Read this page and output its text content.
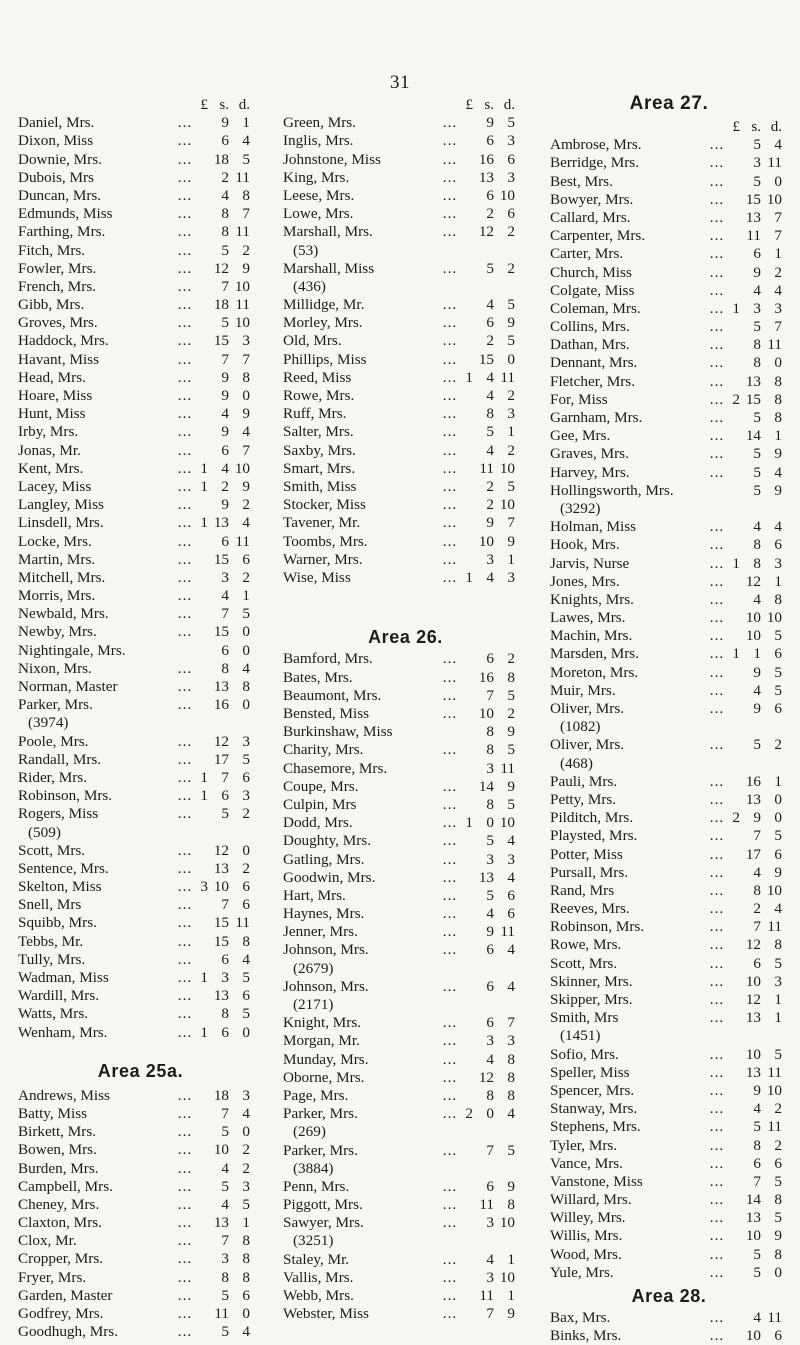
31
£ s. d.
Daniel, Mrs.	...	9 1
Dixon, Miss	...	6 4
Downie, Mrs.	...	18 5
Dubois, Mrs	...	2 11
Duncan, Mrs.	...	4 8
Edmunds, Miss	...	8 7
Farthing, Mrs.	...	8 11
Fitch, Mrs.	...	5 2
Fowler, Mrs.	...	12 9
French, Mrs.	...	7 10
Gibb, Mrs.	...	18 11
Groves, Mrs.	...	5 10
Haddock, Mrs.	...	15 3
Havant, Miss	...	7 7
Head, Mrs.	...	9 8
Hoare, Miss	...	9 0
Hunt, Miss	...	4 9
Irby, Mrs.	...	9 4
Jonas, Mr.	...	6 7
Kent, Mrs.	... 1 4 10
Lacey, Miss	... 1 2 9
Langley, Miss	...	9 2
Linsdell, Mrs.	... 1 13 4
Locke, Mrs.	...	6 11
Martin, Mrs.	...	15 6
Mitchell, Mrs.	...	3 2
Morris, Mrs.	...	4 1
Newbald, Mrs.	...	7 5
Newby, Mrs.	...	15 0
Nightingale, Mrs.	6 0
Nixon, Mrs.	...	8 4
Norman, Master	...	13 8
Parker, Mrs.	...	16 0
(3974)
Poole, Mrs.	...	12 3
Randall, Mrs.	...	17 5
Rider, Mrs.	... 1 7 6
Robinson, Mrs.	... 1 6 3
Rogers, Miss	...	5 2
(509)
Scott, Mrs.	...	12 0
Sentence, Mrs.	...	13 2
Skelton, Miss	... 3 10 6
Snell, Mrs	...	7 6
Squibb, Mrs.	...	15 11
Tebbs, Mr.	...	15 8
Tully, Mrs.	...	6 4
Wadman, Miss	... 1 3 5
Wardill, Mrs.	...	13 6
Watts, Mrs.	...	8 5
Wenham, Mrs.	... 1 6 0
Area 25a.
Andrews, Miss	...	18 3
Batty, Miss	...	7 4
Birkett, Mrs.	...	5 0
Bowen, Mrs.	...	10 2
Burden, Mrs.	...	4 2
Campbell, Mrs.	...	5 3
Cheney, Mrs.	...	4 5
Claxton, Mrs.	...	13 1
Clox, Mr.	...	7 8
Cropper, Mrs.	...	3 8
Fryer, Mrs.	...	8 8
Garden, Master	...	5 6
Godfrey, Mrs.	...	11 0
Goodhugh, Mrs.	...	5 4
£ s. d.
Green, Mrs.	...	9 5
Inglis, Mrs.	...	6 3
Johnstone, Miss	...	16 6
King, Mrs.	...	13 3
Leese, Mrs.	...	6 10
Lowe, Mrs.	...	2 6
Marshall, Mrs.	...	12 2
(53)
Marshall, Miss	...	5 2
(436)
Millidge, Mr.	...	4 5
Morley, Mrs.	...	6 9
Old, Mrs.	...	2 5
Phillips, Miss	...	15 0
Reed, Miss	... 1 4 11
Rowe, Mrs.	...	4 2
Ruff, Mrs.	...	8 3
Salter, Mrs.	...	5 1
Saxby, Mrs.	...	4 2
Smart, Mrs.	...	11 10
Smith, Miss	...	2 5
Stocker, Miss	...	2 10
Tavener, Mr.	...	9 7
Toombs, Mrs.	...	10 9
Warner, Mrs.	...	3 1
Wise, Miss	... 1 4 3
Area 26.
Bamford, Mrs.	...	6 2
Bates, Mrs.	...	16 8
Beaumont, Mrs.	...	7 5
Bensted, Miss	...	10 2
Burkinshaw, Miss	8 9
Charity, Mrs.	...	8 5
Chasemore, Mrs.	3 11
Coupe, Mrs.	...	14 9
Culpin, Mrs	...	8 5
Dodd, Mrs.	... 1 0 10
Doughty, Mrs.	...	5 4
Gatling, Mrs.	...	3 3
Goodwin, Mrs.	...	13 4
Hart, Mrs.	...	5 6
Haynes, Mrs.	...	4 6
Jenner, Mrs.	...	9 11
Johnson, Mrs.	...	6 4
(2679)
Johnson, Mrs.	...	6 4
(2171)
Knight, Mrs.	...	6 7
Morgan, Mr.	...	3 3
Munday, Mrs.	...	4 8
Oborne, Mrs.	...	12 8
Page, Mrs.	...	8 8
Parker, Mrs.	... 2 0 4
(269)
Parker, Mrs.	...	7 5
(3884)
Penn, Mrs.	...	6 9
Piggott, Mrs.	...	11 8
Sawyer, Mrs.	...	3 10
(3251)
Staley, Mr.	...	4 1
Vallis, Mrs.	...	3 10
Webb, Mrs.	...	11 1
Webster, Miss	...	7 9
Area 27.
£ s. d.
Ambrose, Mrs.	...	5 4
Berridge, Mrs.	...	3 11
Best, Mrs.	...	5 0
Bowyer, Mrs.	...	15 10
Callard, Mrs.	...	13 7
Carpenter, Mrs.	...	11 7
Carter, Mrs.	...	6 1
Church, Miss	...	9 2
Colgate, Miss	...	4 4
Coleman, Mrs.	... 1 3 3
Collins, Mrs.	...	5 7
Dathan, Mrs.	...	8 11
Dennant, Mrs.	...	8 0
Fletcher, Mrs.	...	13 8
For, Miss	... 2 15 8
Garnham, Mrs.	...	5 8
Gee, Mrs.	...	14 1
Graves, Mrs.	...	5 9
Harvey, Mrs.	...	5 4
Hollingsworth, Mrs.	5 9
(3292)
Holman, Miss	...	4 4
Hook, Mrs.	...	8 6
Jarvis, Nurse	... 1 8 3
Jones, Mrs.	...	12 1
Knights, Mrs.	...	4 8
Lawes, Mrs.	...	10 10
Machin, Mrs.	...	10 5
Marsden, Mrs.	... 1 1 6
Moreton, Mrs.	...	9 5
Muir, Mrs.	...	4 5
Oliver, Mrs.	...	9 6
(1082)
Oliver, Mrs.	...	5 2
(468)
Pauli, Mrs.	...	16 1
Petty, Mrs.	...	13 0
Pilditch, Mrs.	... 2 9 0
Playsted, Mrs.	...	7 5
Potter, Miss	...	17 6
Pursall, Mrs.	...	4 9
Rand, Mrs	...	8 10
Reeves, Mrs.	...	2 4
Robinson, Mrs.	...	7 11
Rowe, Mrs.	...	12 8
Scott, Mrs.	...	6 5
Skinner, Mrs.	...	10 3
Skipper, Mrs.	...	12 1
Smith, Mrs	...	13 1
(1451)
Sofio, Mrs.	...	10 5
Speller, Miss	...	13 11
Spencer, Mrs.	...	9 10
Stanway, Mrs.	...	4 2
Stephens, Mrs.	...	5 11
Tyler, Mrs.	...	8 2
Vance, Mrs.	...	6 6
Vanstone, Miss	...	7 5
Willard, Mrs.	...	14 8
Willey, Mrs.	...	13 5
Willis, Mrs.	...	10 9
Wood, Mrs.	...	5 8
Yule, Mrs.	...	5 0
Area 28.
Bax, Mrs.	...	4 11
Binks, Mrs.	...	10 6
